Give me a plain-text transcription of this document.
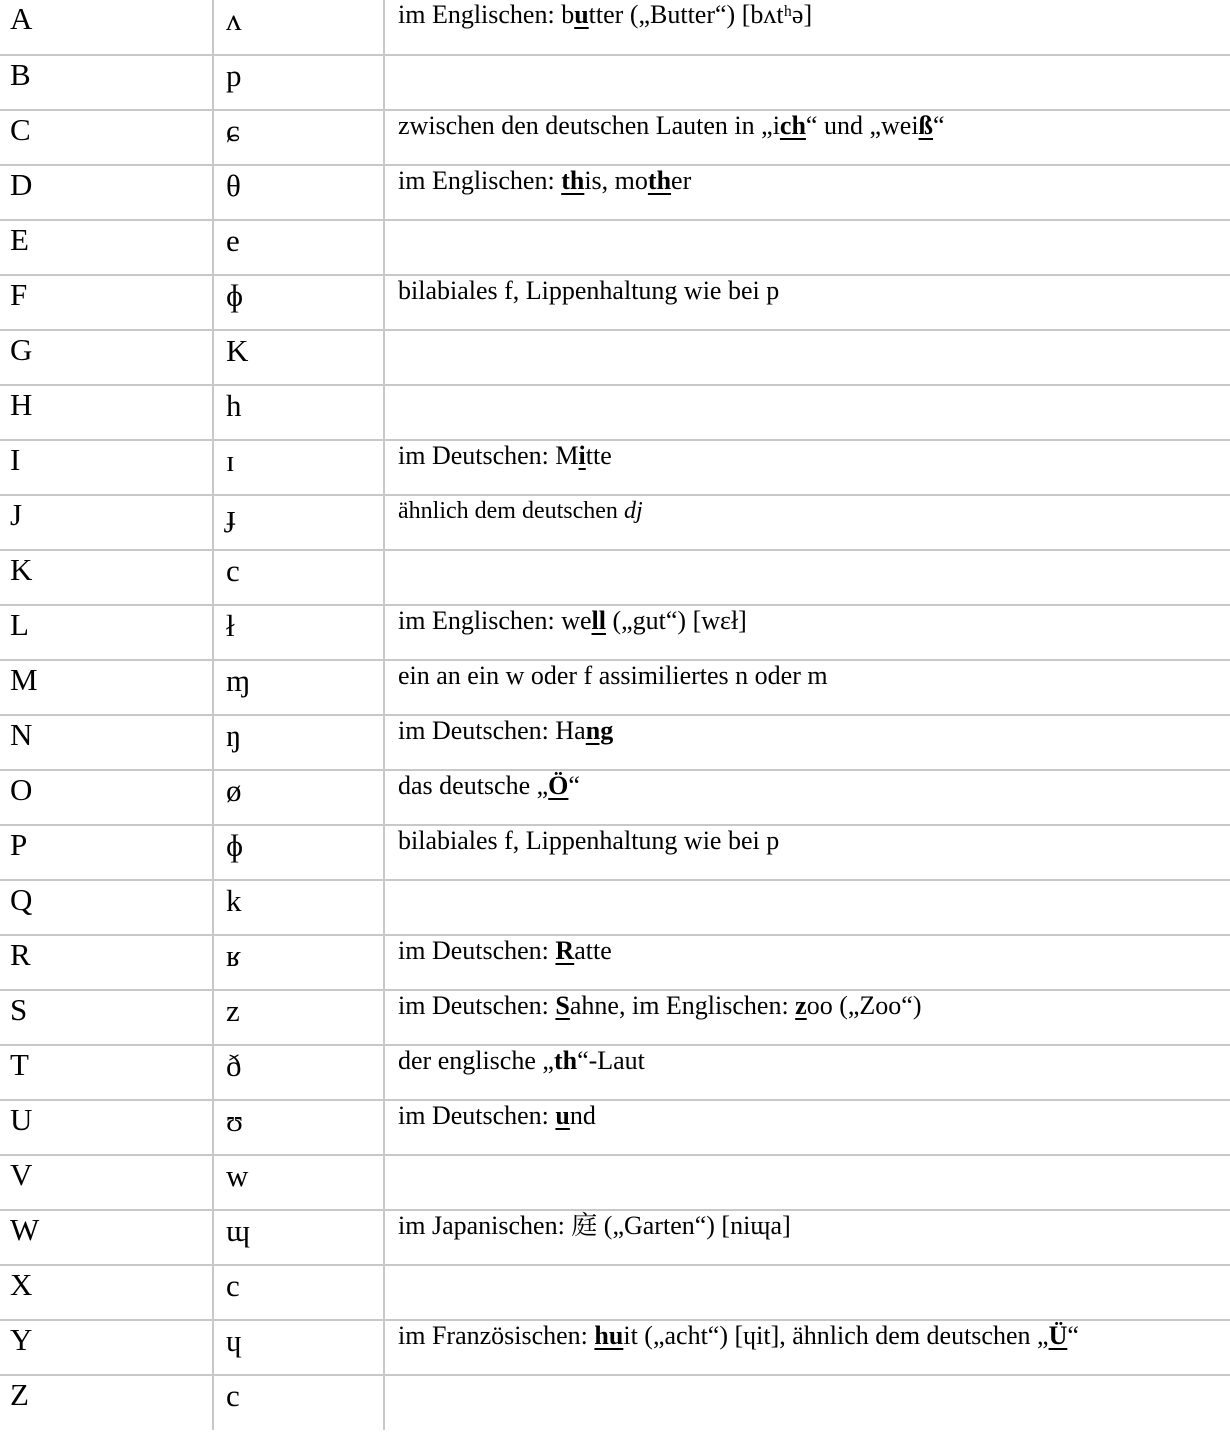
A	ʌ	im Englischen: butter („Butter“) [bʌtʰə]
B	p	
C	ɕ	zwischen den deutschen Lauten in „ich“ und „weiß“
D	θ	im Englischen: this, mother
E	e	
F	ɸ	bilabiales f, Lippenhaltung wie bei p
G	K	
H	h	
I	ɪ	im Deutschen: Mitte
J	ɟ	ähnlich dem deutschen dj
K	c	
L	ł	im Englischen: well („gut“) [wɛł]
M	ɱ	ein an ein w oder f assimiliertes n oder m
N	ŋ	im Deutschen: Hang
O	ø	das deutsche „Ö“
P	ɸ	bilabiales f, Lippenhaltung wie bei p
Q	k	
R	ʁ	im Deutschen: Ratte
S	z	im Deutschen: Sahne, im Englischen: zoo („Zoo“)
T	ð	der englische „th“-Laut
U	ʊ	im Deutschen: und
V	w	
W	ɰ	im Japanischen: 庭 („Garten“) [niɰa]
X	c	
Y	ɥ	im Französischen: huit („acht“) [ɥit], ähnlich dem deutschen „Ü“
Z	c	
